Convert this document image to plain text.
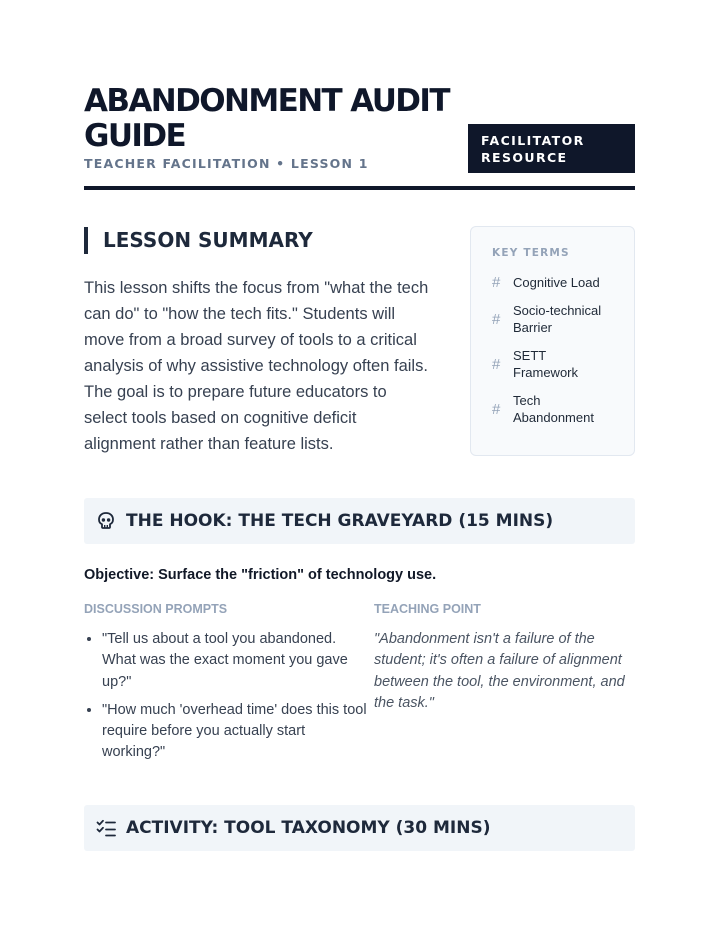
ABANDONMENT AUDIT
GUIDE
TEACHER FACILITATION • LESSON 1
FACILITATOR
RESOURCE
LESSON SUMMARY

This lesson shifts the focus from "what the tech can do" to "how the tech fits." Students will move from a broad survey of tools to a critical analysis of why assistive technology often fails. The goal is to prepare future educators to select tools based on cognitive deficit alignment rather than feature lists.

KEY TERMS
# Cognitive Load
# Socio-technical Barrier
# SETT Framework
# Tech Abandonment
THE HOOK: THE TECH GRAVEYARD (15 MINS)
Objective: Surface the "friction" of technology use.
DISCUSSION PROMPTS	TEACHING POINT
• "Tell us about a tool you abandoned. What was the exact moment you gave up?"
• "How much 'overhead time' does this tool require before you actually start working?"

"Abandonment isn't a failure of the student; it's often a failure of alignment between the tool, the environment, and the task."

ACTIVITY: TOOL TAXONOMY (30 MINS)
